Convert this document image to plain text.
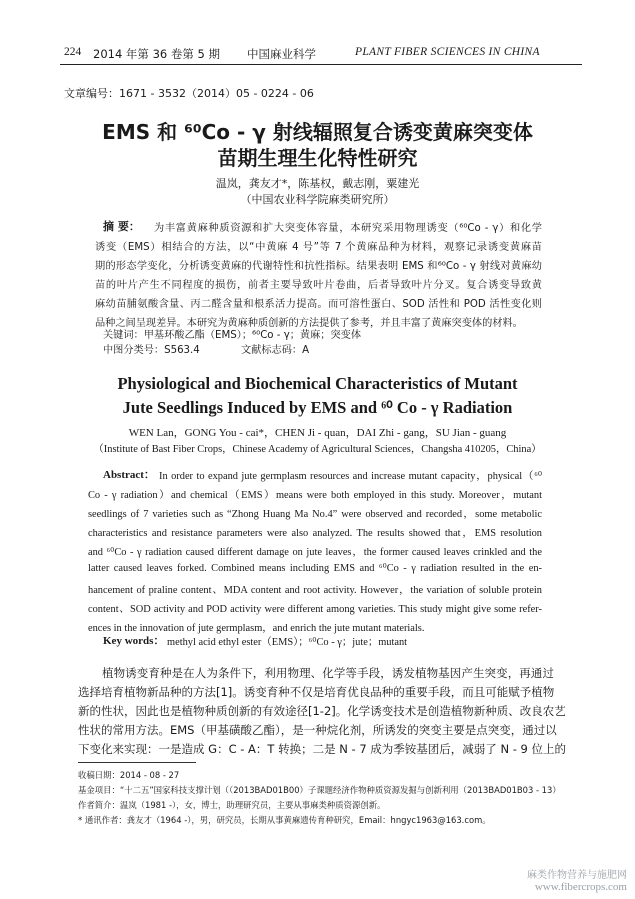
224 2014 年第 36 卷第 5 期 中国麻业科学	PLANT FIBER SCIENCES IN CHINA
文章编号：1671 - 3532（2014）05 - 0224 - 06
EMS 和 ⁶⁰Co - γ 射线辐照复合诱变黄麻突变体
苗期生理生化特性研究
温岚，龚友才*，陈基权，戴志刚，粟建光
（中国农业科学院麻类研究所）
摘 要： 为丰富黄麻种质资源和扩大突变体容量，本研究采用物理诱变（⁶⁰Co - γ）和化学
诱变（EMS）相结合的方法，以“中黄麻 4 号”等 7 个黄麻品种为材料，观察记录诱变黄麻苗
期的形态学变化，分析诱变黄麻的代谢特性和抗性指标。结果表明 EMS 和⁶⁰Co - γ 射线对黄麻幼
苗的叶片产生不同程度的损伤，前者主要导致叶片卷曲，后者导致叶片分叉。复合诱变导致黄
麻幼苗脯氨酸含量、丙二醛含量和根系活力提高。而可溶性蛋白、SOD 活性和 POD 活性变化则
品种之间呈现差异。本研究为黄麻种质创新的方法提供了参考，并且丰富了黄麻突变体的材料。
关键词：甲基环酸乙酯（EMS）；⁶⁰Co - γ；黄麻；突变体
中图分类号：S563.4	文献标志码：A
Physiological and Biochemical Characteristics of Mutant
Jute Seedlings Induced by EMS and ⁶⁰ Co - γ Radiation
WEN Lan，GONG You - cai*，CHEN Ji - quan，DAI Zhi - gang，SU Jian - guang
（Institute of Bast Fiber Crops，Chinese Academy of Agricultural Sciences，Changsha 410205，China）
Abstract： In order to expand jute germplasm resources and increase mutant capacity，physical（⁶⁰
Co - γ radiation）and chemical（EMS）means were both employed in this study. Moreover，mutant
seedlings of 7 varieties such as “Zhong Huang Ma No.4” were observed and recorded，some metabolic
characteristics and resistance parameters were also analyzed. The results showed that，EMS resolution
and ⁶⁰Co - γ radiation caused different damage on jute leaves，the former caused leaves crinkled and the
latter caused leaves forked. Combined means including EMS and ⁶⁰Co - γ radiation resulted in the en-
hancement of praline content、MDA content and root activity. However，the variation of soluble protein
content、SOD activity and POD activity were different among varieties. This study might give some refer-
ences in the innovation of jute germplasm，and enrich the jute mutant materials.
Key words： methyl acid ethyl ester（EMS）；⁶⁰Co - γ；jute；mutant
植物诱变育种是在人为条件下，利用物理、化学等手段，诱发植物基因产生突变，再通过
选择培育植物新品种的方法[1]。诱变育种不仅是培育优良品种的重要手段，而且可能赋予植物
新的性状，因此也是植物种质创新的有效途径[1-2]。化学诱变技术是创造植物新种质、改良农艺
性状的常用方法。EMS（甲基磺酸乙酯），是一种烷化剂，所诱发的突变主要是点突变，通过以
下变化来实现：一是造成 G：C - A：T 转换；二是 N - 7 成为季铵基团后，减弱了 N - 9 位上的
收稿日期：2014 - 08 - 27
基金项目：“十二五”国家科技支撑计划（（2013BAD01B00）子课题经济作物种质资源发掘与创新利用（2013BAD01B03 - 13）
作者简介：温岚（1981 -），女，博士，助理研究员，主要从事麻类种质资源创新。
* 通讯作者：龚友才（1964 -），男，研究员，长期从事黄麻遗传育种研究，Email：hngyc1963@163.com。
麻类作物营养与施肥网
www.fibercrops.com
